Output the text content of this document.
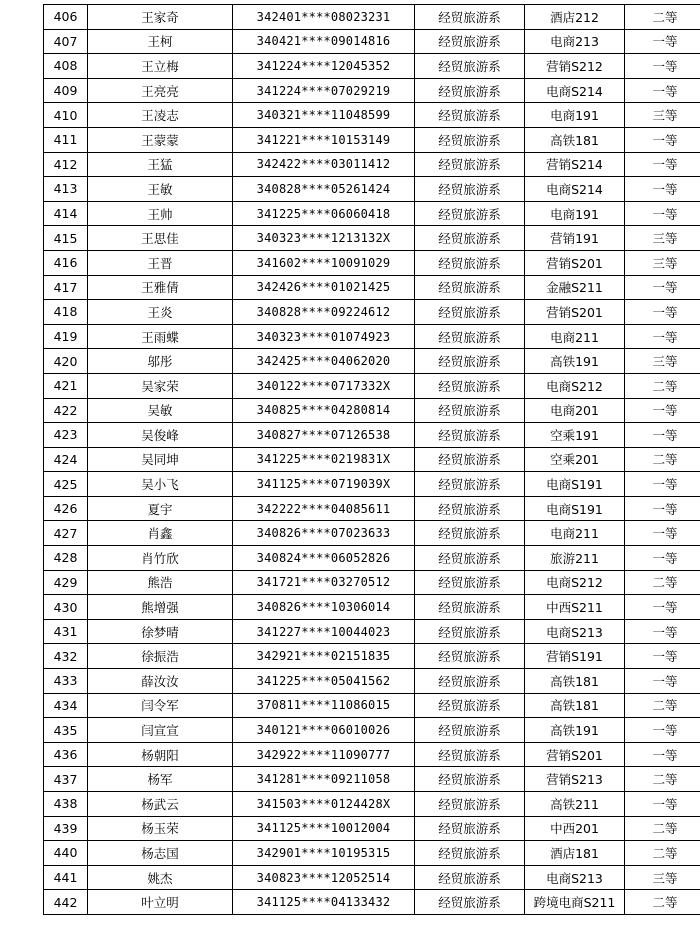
406	王家奇	342401****08023231	经贸旅游系	酒店212	二等
407	王柯	340421****09014816	经贸旅游系	电商213	一等
408	王立梅	341224****12045352	经贸旅游系	营销S212	一等
409	王亮亮	341224****07029219	经贸旅游系	电商S214	一等
410	王凌志	340321****11048599	经贸旅游系	电商191	三等
411	王蒙蒙	341221****10153149	经贸旅游系	高铁181	一等
412	王猛	342422****03011412	经贸旅游系	营销S214	一等
413	王敏	340828****05261424	经贸旅游系	电商S214	一等
414	王帅	341225****06060418	经贸旅游系	电商191	一等
415	王思佳	340323****1213132X	经贸旅游系	营销191	三等
416	王晋	341602****10091029	经贸旅游系	营销S201	三等
417	王雅倩	342426****01021425	经贸旅游系	金融S211	一等
418	王炎	340828****09224612	经贸旅游系	营销S201	一等
419	王雨蝶	340323****01074923	经贸旅游系	电商211	一等
420	邬彤	342425****04062020	经贸旅游系	高铁191	三等
421	吴家荣	340122****0717332X	经贸旅游系	电商S212	二等
422	吴敏	340825****04280814	经贸旅游系	电商201	一等
423	吴俊峰	340827****07126538	经贸旅游系	空乘191	一等
424	吴同坤	341225****0219831X	经贸旅游系	空乘201	二等
425	吴小飞	341125****0719039X	经贸旅游系	电商S191	一等
426	夏宇	342222****04085611	经贸旅游系	电商S191	一等
427	肖鑫	340826****07023633	经贸旅游系	电商211	一等
428	肖竹欣	340824****06052826	经贸旅游系	旅游211	一等
429	熊浩	341721****03270512	经贸旅游系	电商S212	二等
430	熊增强	340826****10306014	经贸旅游系	中西S211	一等
431	徐梦晴	341227****10044023	经贸旅游系	电商S213	一等
432	徐振浩	342921****02151835	经贸旅游系	营销S191	一等
433	薛汝汝	341225****05041562	经贸旅游系	高铁181	一等
434	闫令军	370811****11086015	经贸旅游系	高铁181	二等
435	闫宣宣	340121****06010026	经贸旅游系	高铁191	一等
436	杨朝阳	342922****11090777	经贸旅游系	营销S201	一等
437	杨军	341281****09211058	经贸旅游系	营销S213	二等
438	杨武云	341503****0124428X	经贸旅游系	高铁211	一等
439	杨玉荣	341125****10012004	经贸旅游系	中西201	二等
440	杨志国	342901****10195315	经贸旅游系	酒店181	二等
441	姚杰	340823****12052514	经贸旅游系	电商S213	三等
442	叶立明	341125****04133432	经贸旅游系	跨境电商S211	二等
